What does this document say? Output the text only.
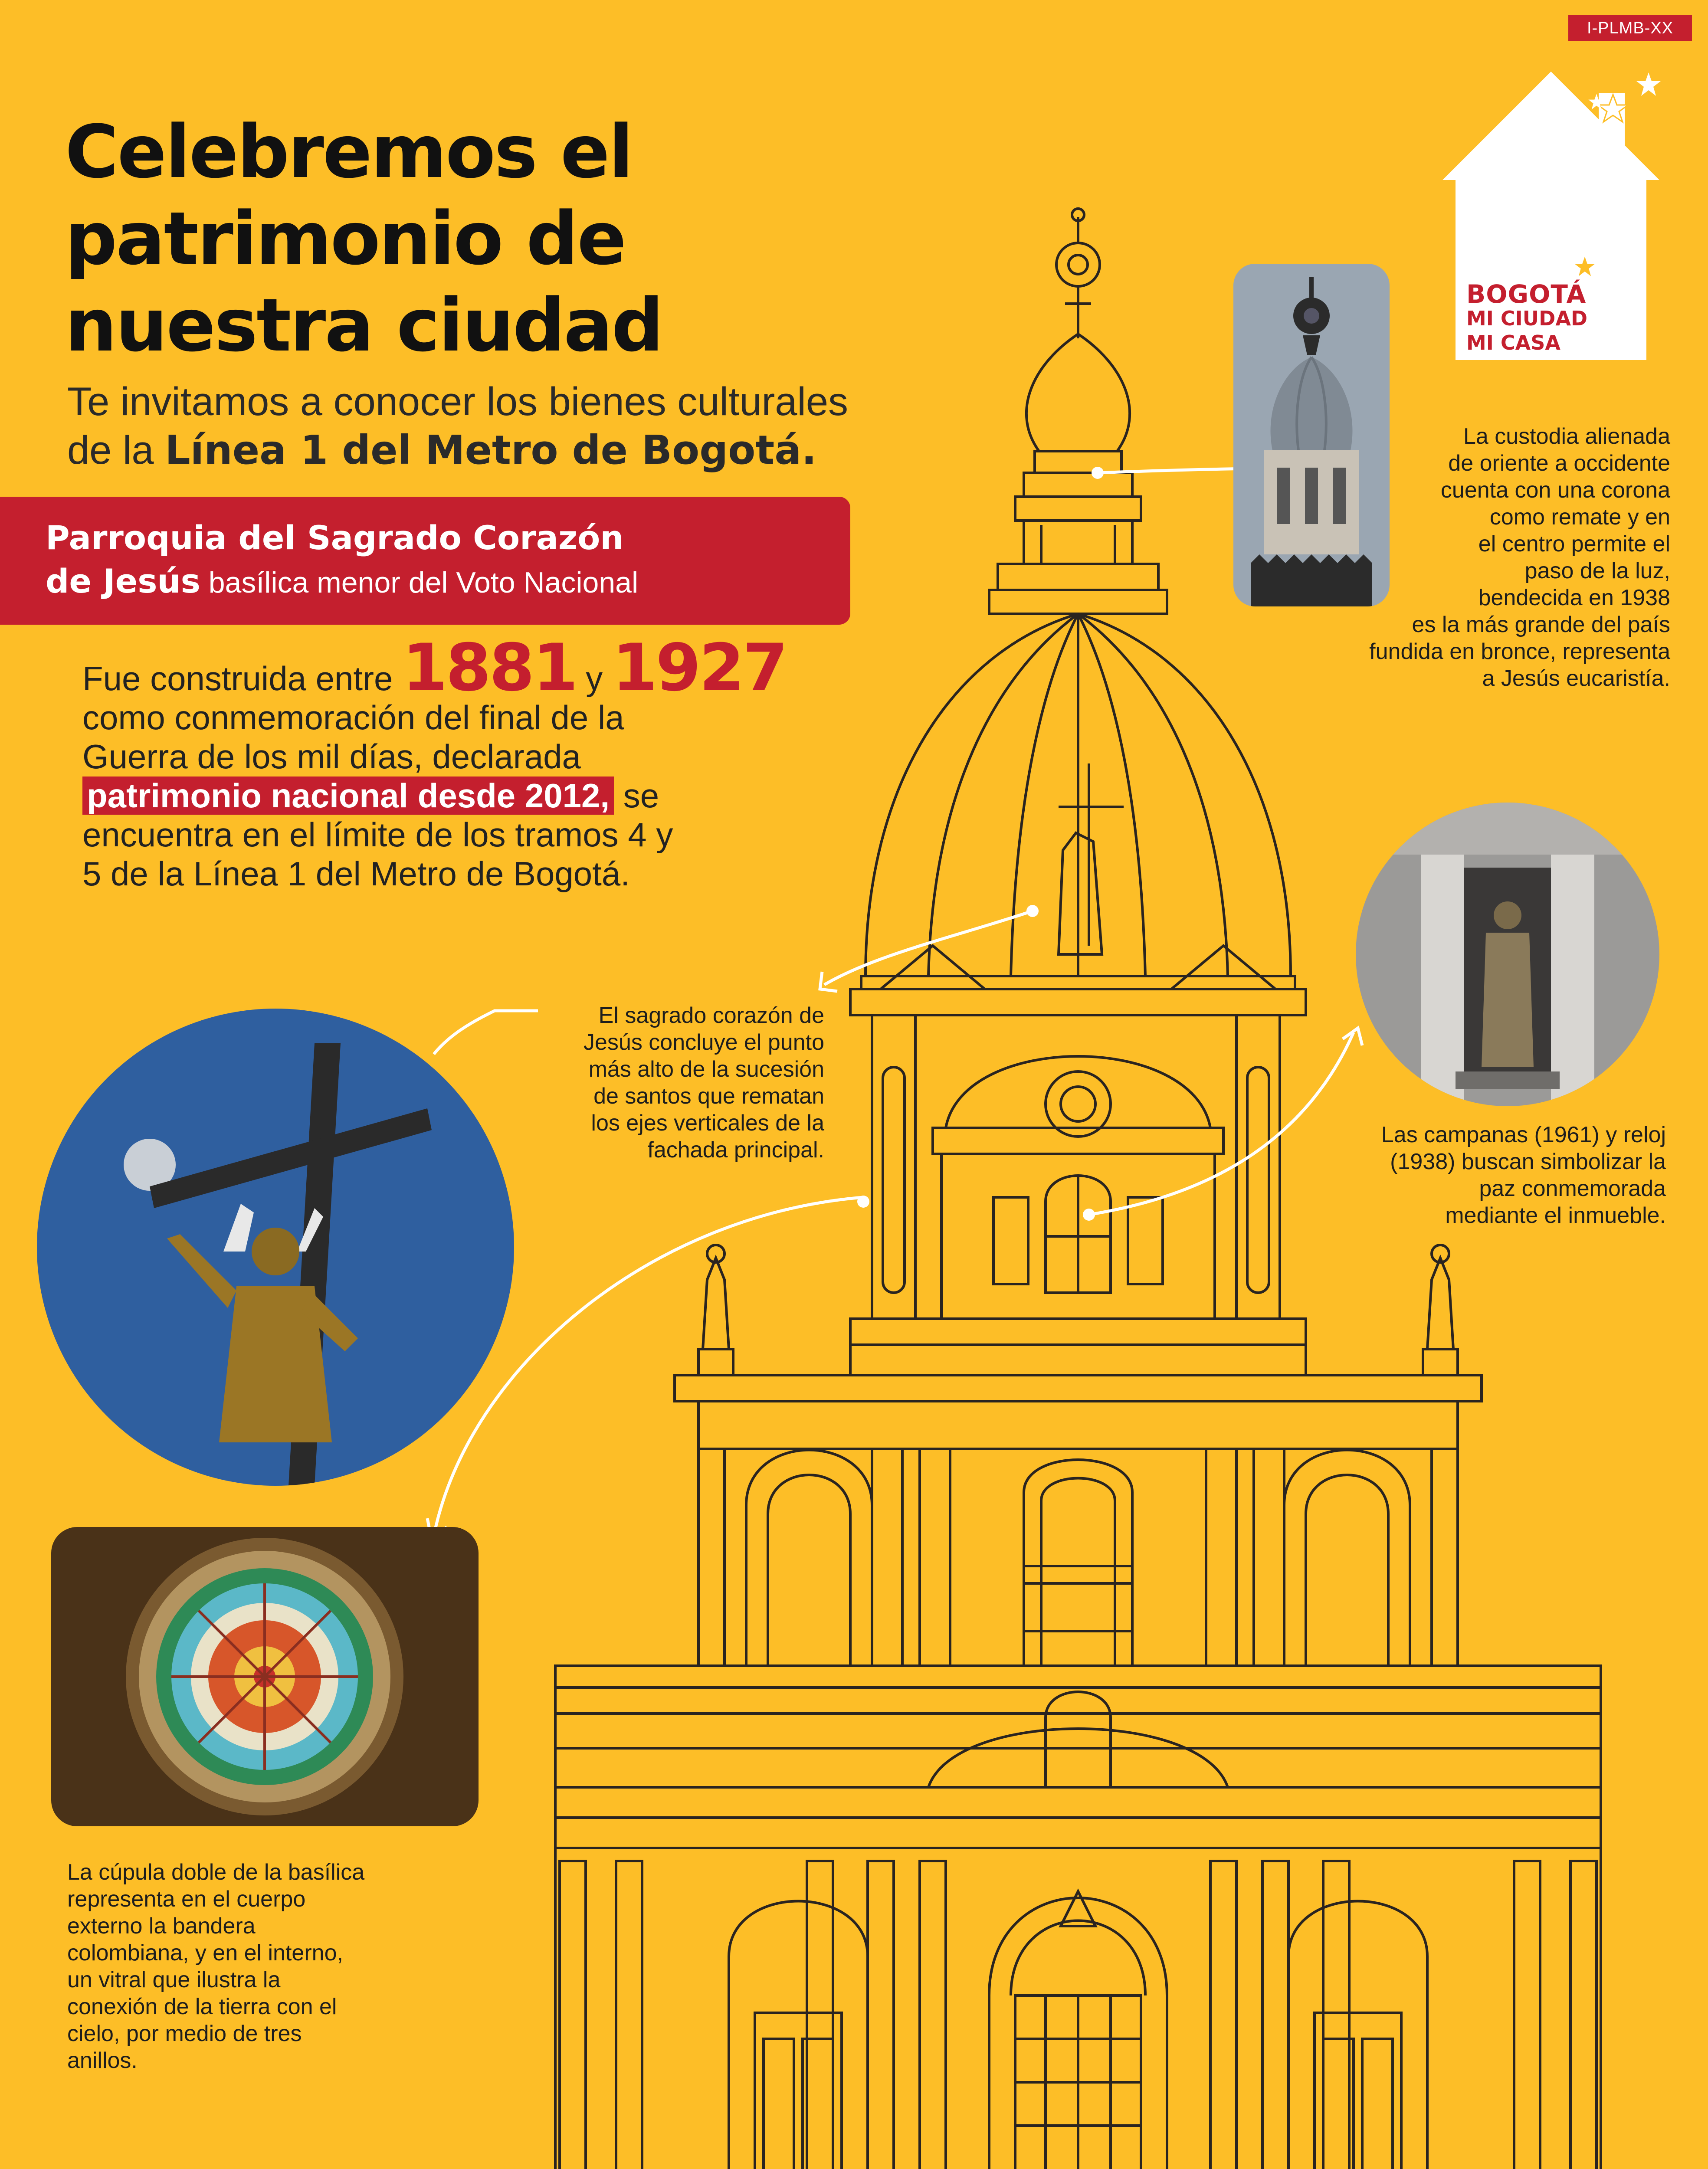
I-PLMB-XX
BOGOTÁ
MI CIUDAD
MI CASA
Celebremos el
patrimonio de
nuestra ciudad
Te invitamos a conocer los bienes culturales
de la Línea 1 del Metro de Bogotá.
Parroquia del Sagrado Corazón
de Jesús basílica menor del Voto Nacional
Fue construida entre 1881 y 1927
como conmemoración del final de la
Guerra de los mil días, declarada
patrimonio nacional desde 2012, se
encuentra en el límite de los tramos 4 y
5 de la Línea 1 del Metro de Bogotá.
La custodia alienada
de oriente a occidente
cuenta con una corona
como remate y en
el centro permite el
paso de la luz,
bendecida en 1938
es la más grande del país
fundida en bronce, representa
a Jesús eucaristía.
El sagrado corazón de
Jesús concluye el punto
más alto de la sucesión
de santos que rematan
los ejes verticales de la
fachada principal.
Las campanas (1961) y reloj
(1938) buscan simbolizar la
paz conmemorada
mediante el inmueble.
La cúpula doble de la basílica
representa en el cuerpo
externo la bandera
colombiana, y en el interno,
un vitral que ilustra la
conexión de la tierra con el
cielo, por medio de tres
anillos.
